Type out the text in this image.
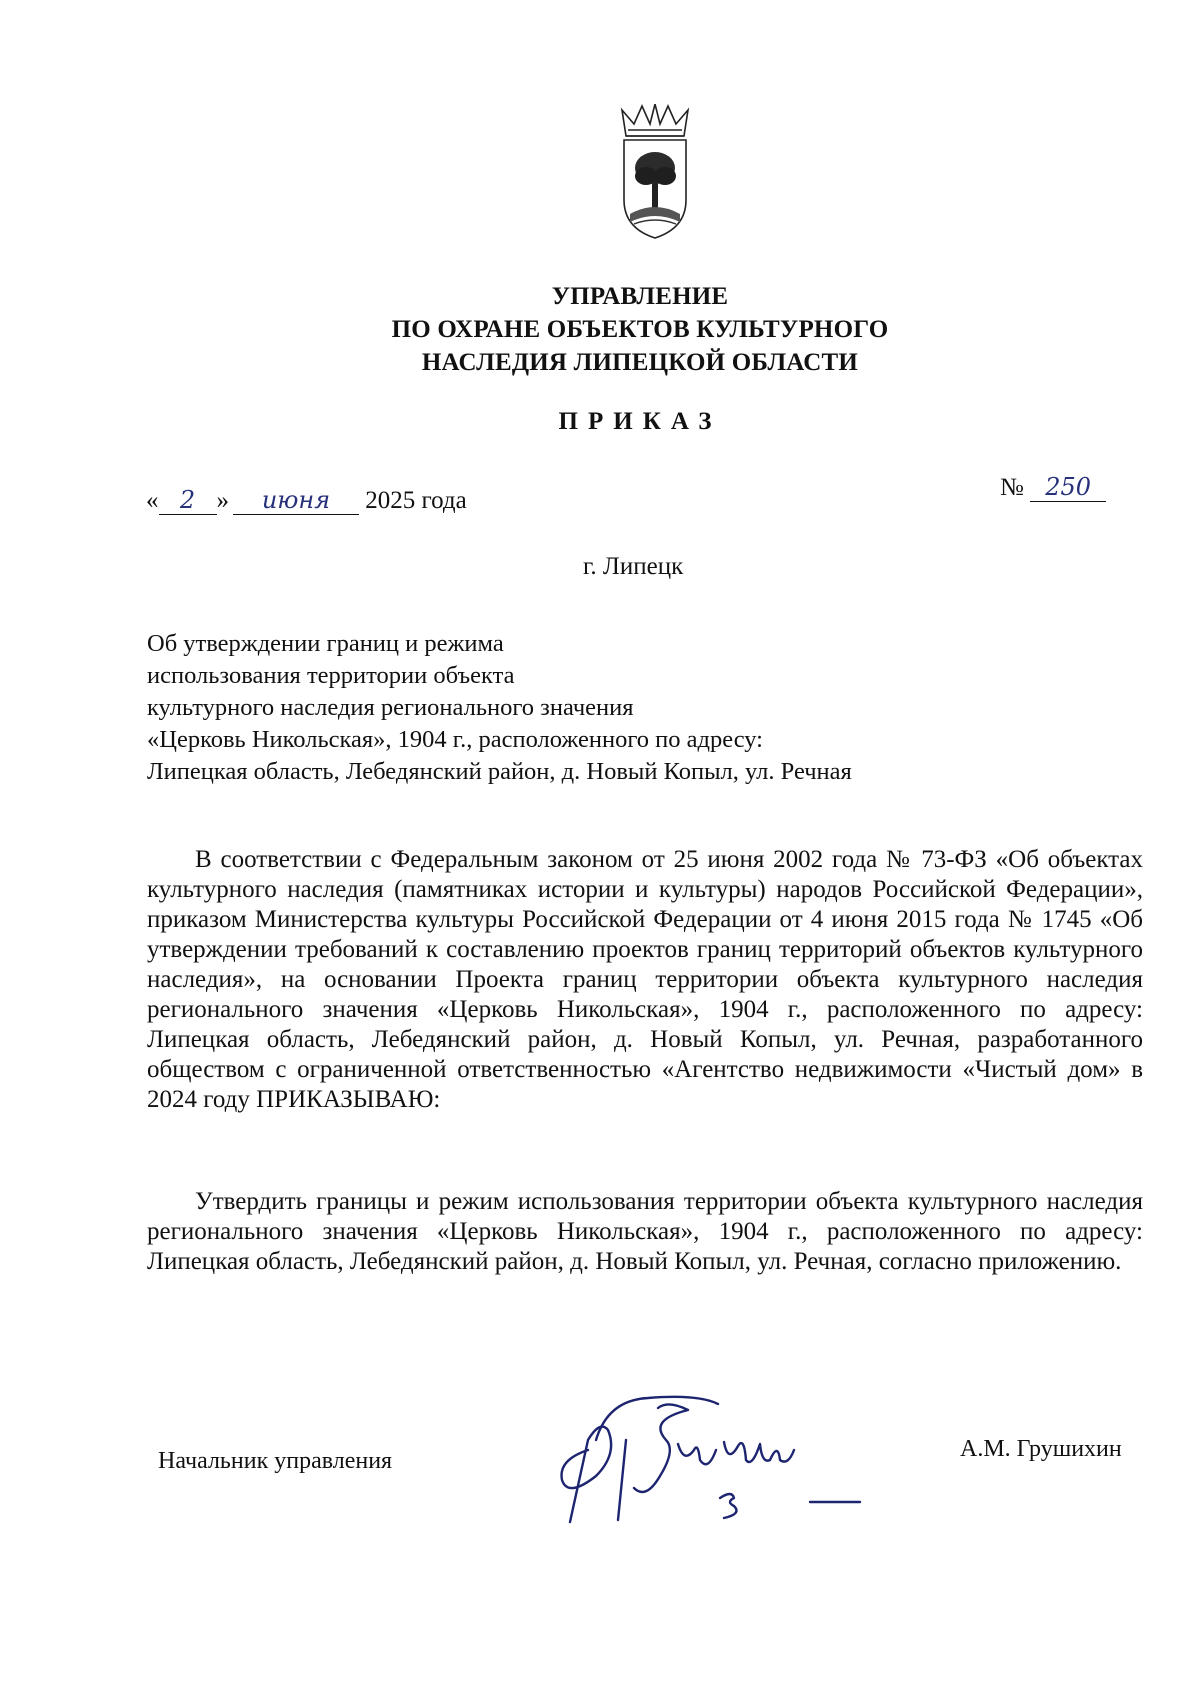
УПРАВЛЕНИЕ
ПО ОХРАНЕ ОБЪЕКТОВ КУЛЬТУРНОГО
НАСЛЕДИЯ ЛИПЕЦКОЙ ОБЛАСТИ
ПРИКАЗ
« 2 » июня 2025 года	№ 250
г. Липецк
Об утверждении границ и режима
использования территории объекта
культурного наследия регионального значения
«Церковь Никольская», 1904 г., расположенного по адресу:
Липецкая область, Лебедянский район, д. Новый Копыл, ул. Речная

В соответствии с Федеральным законом от 25 июня 2002 года № 73-ФЗ «Об объектах культурного наследия (памятниках истории и культуры) народов Российской Федерации», приказом Министерства культуры Российской Федерации от 4 июня 2015 года № 1745 «Об утверждении требований к составлению проектов границ территорий объектов культурного наследия», на основании Проекта границ территории объекта культурного наследия регионального значения «Церковь Никольская», 1904 г., расположенного по адресу: Липецкая область, Лебедянский район, д. Новый Копыл, ул. Речная, разработанного обществом с ограниченной ответственностью «Агентство недвижимости «Чистый дом» в 2024 году ПРИКАЗЫВАЮ:

Утвердить границы и режим использования территории объекта культурного наследия регионального значения «Церковь Никольская», 1904 г., расположенного по адресу: Липецкая область, Лебедянский район, д. Новый Копыл, ул. Речная, согласно приложению.

Начальник управления	А.М. Грушихин
